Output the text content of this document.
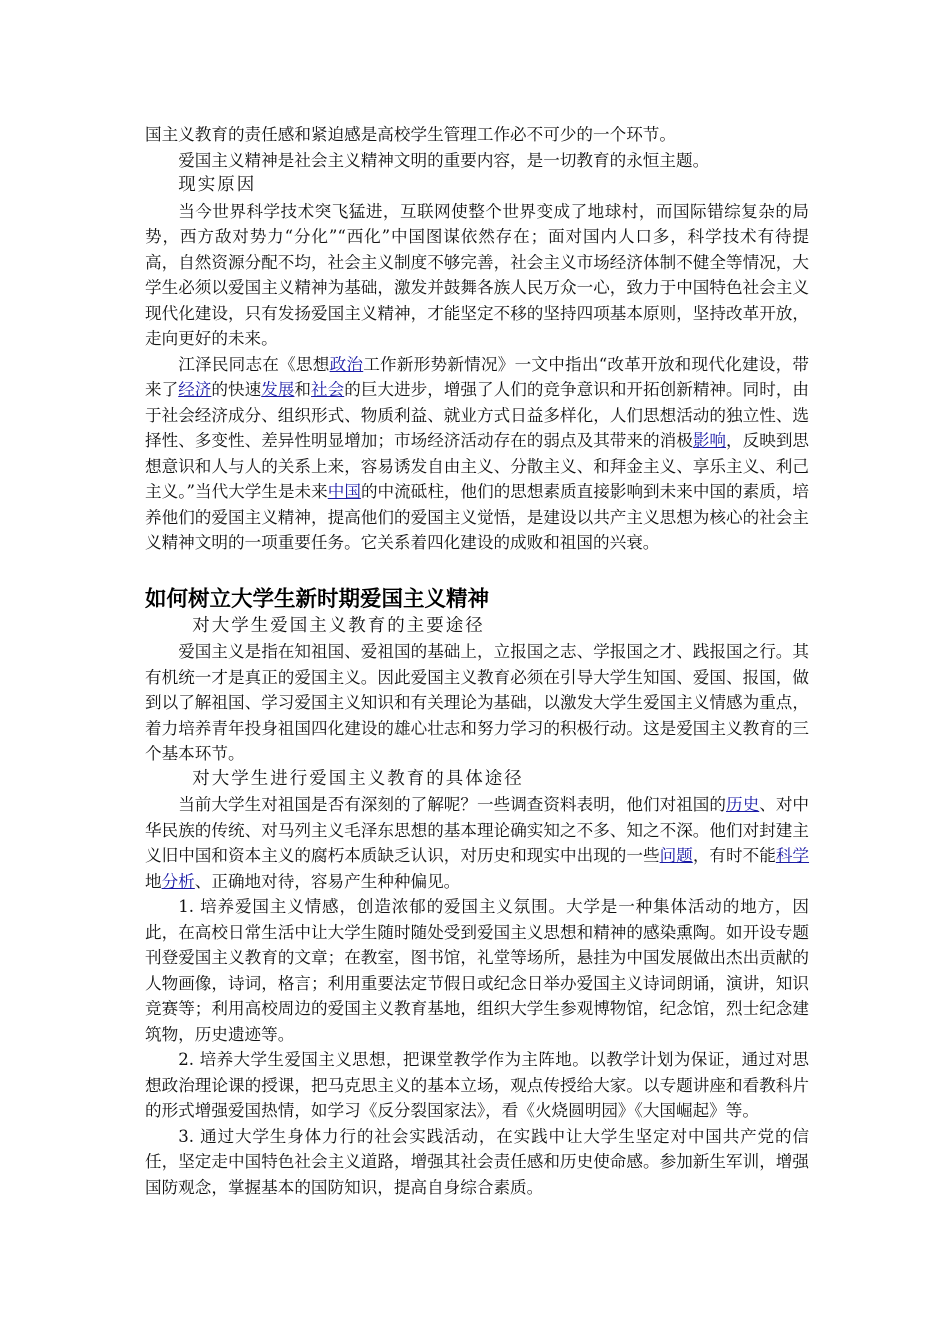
国主义教育的责任感和紧迫感是高校学生管理工作必不可少的一个环节。

爱国主义精神是社会主义精神文明的重要内容，是一切教育的永恒主题。

现实原因

当今世界科学技术突飞猛进，互联网使整个世界变成了地球村，而国际错综复杂的局势，西方敌对势力“分化”“西化”中国图谋依然存在；面对国内人口多，科学技术有待提高，自然资源分配不均，社会主义制度不够完善，社会主义市场经济体制不健全等情况，大学生必须以爱国主义精神为基础，激发并鼓舞各族人民万众一心，致力于中国特色社会主义现代化建设，只有发扬爱国主义精神，才能坚定不移的坚持四项基本原则，坚持改革开放，走向更好的未来。

江泽民同志在《思想政治工作新形势新情况》一文中指出“改革开放和现代化建设，带来了经济的快速发展和社会的巨大进步，增强了人们的竞争意识和开拓创新精神。同时，由于社会经济成分、组织形式、物质利益、就业方式日益多样化，人们思想活动的独立性、选择性、多变性、差异性明显增加；市场经济活动存在的弱点及其带来的消极影响，反映到思想意识和人与人的关系上来，容易诱发自由主义、分散主义、和拜金主义、享乐主义、利己主义。”当代大学生是未来中国的中流砥柱，他们的思想素质直接影响到未来中国的素质，培养他们的爱国主义精神，提高他们的爱国主义觉悟，是建设以共产主义思想为核心的社会主义精神文明的一项重要任务。它关系着四化建设的成败和祖国的兴衰。

如何树立大学生新时期爱国主义精神
对大学生爱国主义教育的主要途径

爱国主义是指在知祖国、爱祖国的基础上，立报国之志、学报国之才、践报国之行。其有机统一才是真正的爱国主义。因此爱国主义教育必须在引导大学生知国、爱国、报国，做到以了解祖国、学习爱国主义知识和有关理论为基础，以激发大学生爱国主义情感为重点，着力培养青年投身祖国四化建设的雄心壮志和努力学习的积极行动。这是爱国主义教育的三个基本环节。

对大学生进行爱国主义教育的具体途径

当前大学生对祖国是否有深刻的了解呢？一些调查资料表明，他们对祖国的历史、对中华民族的传统、对马列主义毛泽东思想的基本理论确实知之不多、知之不深。他们对封建主义旧中国和资本主义的腐朽本质缺乏认识，对历史和现实中出现的一些问题，有时不能科学地分析、正确地对待，容易产生种种偏见。

1. 培养爱国主义情感，创造浓郁的爱国主义氛围。大学是一种集体活动的地方，因此，在高校日常生活中让大学生随时随处受到爱国主义思想和精神的感染熏陶。如开设专题刊登爱国主义教育的文章；在教室，图书馆，礼堂等场所，悬挂为中国发展做出杰出贡献的人物画像，诗词，格言；利用重要法定节假日或纪念日举办爱国主义诗词朗诵，演讲，知识竞赛等；利用高校周边的爱国主义教育基地，组织大学生参观博物馆，纪念馆，烈士纪念建筑物，历史遗迹等。

2. 培养大学生爱国主义思想，把课堂教学作为主阵地。以教学计划为保证，通过对思想政治理论课的授课，把马克思主义的基本立场，观点传授给大家。以专题讲座和看教科片的形式增强爱国热情，如学习《反分裂国家法》，看《火烧圆明园》《大国崛起》等。

3. 通过大学生身体力行的社会实践活动，在实践中让大学生坚定对中国共产党的信任，坚定走中国特色社会主义道路，增强其社会责任感和历史使命感。参加新生军训，增强国防观念，掌握基本的国防知识，提高自身综合素质。
